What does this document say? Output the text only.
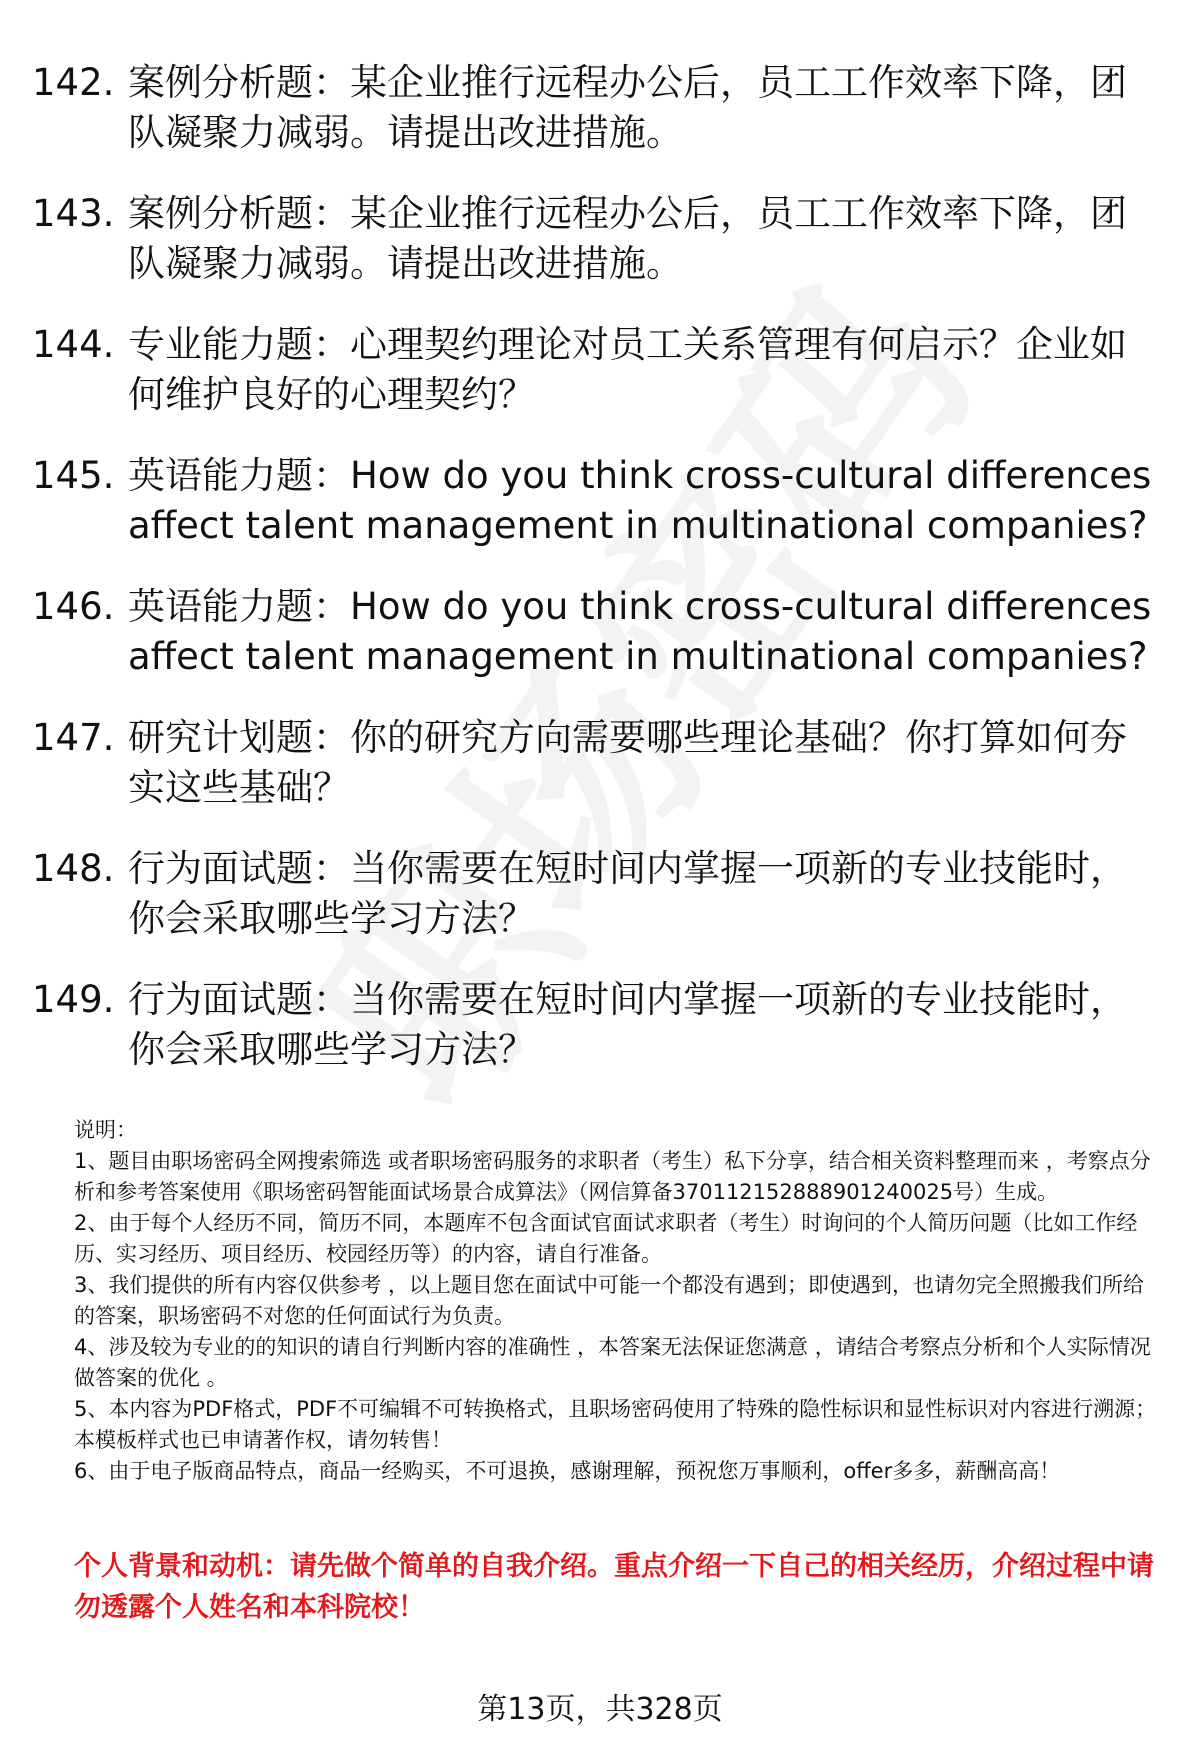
142. 案例分析题：某企业推行远程办公后，员工工作效率下降，团队凝聚力减弱。请提出改进措施。
143. 案例分析题：某企业推行远程办公后，员工工作效率下降，团队凝聚力减弱。请提出改进措施。
144. 专业能力题：心理契约理论对员工关系管理有何启示？企业如何维护良好的心理契约？
145. 英语能力题：How do you think cross-cultural differences affect talent management in multinational companies?
146. 英语能力题：How do you think cross-cultural differences affect talent management in multinational companies?
147. 研究计划题：你的研究方向需要哪些理论基础？你打算如何夯实这些基础？
148. 行为面试题：当你需要在短时间内掌握一项新的专业技能时，你会采取哪些学习方法？
149. 行为面试题：当你需要在短时间内掌握一项新的专业技能时，你会采取哪些学习方法？

说明：

1、题目由职场密码全网搜索筛选 或者职场密码服务的求职者（考生）私下分享，结合相关资料整理而来 ，考察点分析和参考答案使用《职场密码智能面试场景合成算法》（网信算备370112152888901240025号）生成。

2、由于每个人经历不同，简历不同，本题库不包含面试官面试求职者（考生）时询问的个人简历问题（比如工作经历、实习经历、项目经历、校园经历等）的内容，请自行准备。

3、我们提供的所有内容仅供参考 ，以上题目您在面试中可能一个都没有遇到；即使遇到，也请勿完全照搬我们所给的答案，职场密码不对您的任何面试行为负责。

4、涉及较为专业的的知识的请自行判断内容的准确性 ，本答案无法保证您满意 ，请结合考察点分析和个人实际情况做答案的优化 。

5、本内容为PDF格式，PDF不可编辑不可转换格式，且职场密码使用了特殊的隐性标识和显性标识对内容进行溯源；本模板样式也已申请著作权，请勿转售！

6、由于电子版商品特点，商品一经购买，不可退换，感谢理解，预祝您万事顺利，offer多多，薪酬高高！

个人背景和动机：请先做个简单的自我介绍。重点介绍一下自己的相关经历，介绍过程中请勿透露个人姓名和本科院校！
第13页，共328页
